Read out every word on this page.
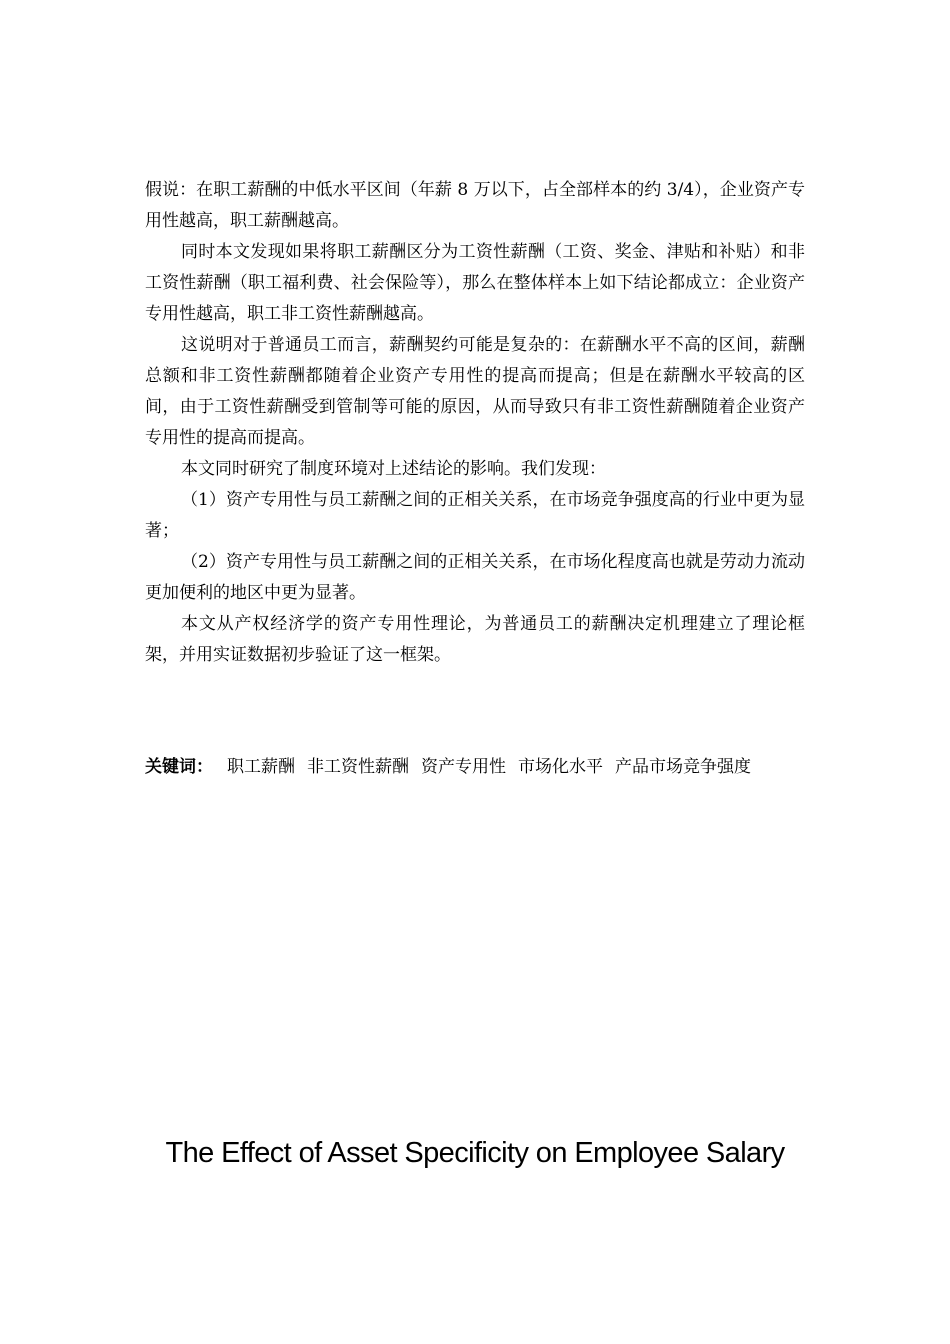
假说：在职工薪酬的中低水平区间（年薪 8 万以下，占全部样本的约 3/4），企业资产专用性越高，职工薪酬越高。

同时本文发现如果将职工薪酬区分为工资性薪酬（工资、奖金、津贴和补贴）和非工资性薪酬（职工福利费、社会保险等），那么在整体样本上如下结论都成立：企业资产专用性越高，职工非工资性薪酬越高。

这说明对于普通员工而言，薪酬契约可能是复杂的：在薪酬水平不高的区间，薪酬总额和非工资性薪酬都随着企业资产专用性的提高而提高；但是在薪酬水平较高的区间，由于工资性薪酬受到管制等可能的原因，从而导致只有非工资性薪酬随着企业资产专用性的提高而提高。

本文同时研究了制度环境对上述结论的影响。我们发现：

（1）资产专用性与员工薪酬之间的正相关关系，在市场竞争强度高的行业中更为显著；

（2）资产专用性与员工薪酬之间的正相关关系，在市场化程度高也就是劳动力流动更加便利的地区中更为显著。

本文从产权经济学的资产专用性理论，为普通员工的薪酬决定机理建立了理论框架，并用实证数据初步验证了这一框架。

关键词： 职工薪酬 非工资性薪酬 资产专用性 市场化水平 产品市场竞争强度

The Effect of Asset Specificity on Employee Salary
